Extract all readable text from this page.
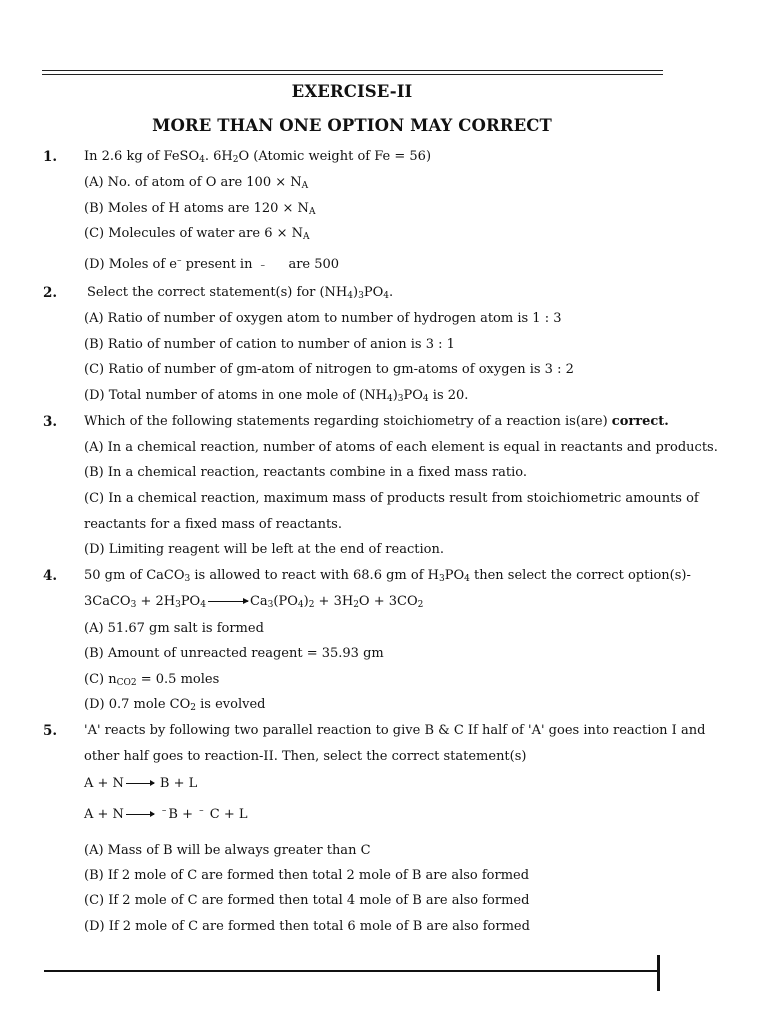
EXERCISE-II
MORE THAN ONE OPTION MAY CORRECT
1. In 2.6 kg of FeSO$_4$. $6H_2O$ (Atomic weight of Fe = 56)
(A) No. of atom of O are $100 \times N_A$
(B) Moles of H atoms are $120 \times N_A$
(C) Molecules of water are $6 \times N_A$
(D) Moles of e– present in – are 500
2. Select the correct statement(s) for $(NH_4)_3PO_4$.
(A) Ratio of number of oxygen atom to number of hydrogen atom is 1 : 3
(B) Ratio of number of cation to number of anion is 3 : 1
(C) Ratio of number of gm-atom of nitrogen to gm-atoms of oxygen is 3 : 2
(D) Total number of atoms in one mole of $(NH_4)_3PO_4$ is 20.
3. Which of the following statements regarding stoichiometry of a reaction is(are) correct.
(A) In a chemical reaction, number of atoms of each element is equal in reactants and products.
(B) In a chemical reaction, reactants combine in a fixed mass ratio.
(C) In a chemical reaction, maximum mass of products result from stoichiometric amounts of
reactants for a fixed mass of reactants.
(D) Limiting reagent will be left at the end of reaction.
4. 50 gm of CaCO$_3$ is allowed to react with 68.6 gm of $H_3PO_4$ then select the correct option(s)-
3CaCO$_3$ + $2H_3PO_4$	$Ca_3(PO_4)_2 + 3H_2O + 3CO_2$
(A) 51.67 gm salt is formed
(B) Amount of unreacted reagent = 35.93 gm
(C) $n_{CO2} = 0.5$ moles
(D) 0.7 mole $CO_2$ is evolved
5. 'A' reacts by following two parallel reaction to give B & C If half of 'A' goes into reaction I and
other half goes to reaction-II. Then, select the correct statement(s)
A + N	B + L
A + N	– B + – C + L
(A) Mass of B will be always greater than C
(B) If 2 mole of C are formed then total 2 mole of B are also formed
(C) If 2 mole of C are formed then total 4 mole of B are also formed
(D) If 2 mole of C are formed then total 6 mole of B are also formed
